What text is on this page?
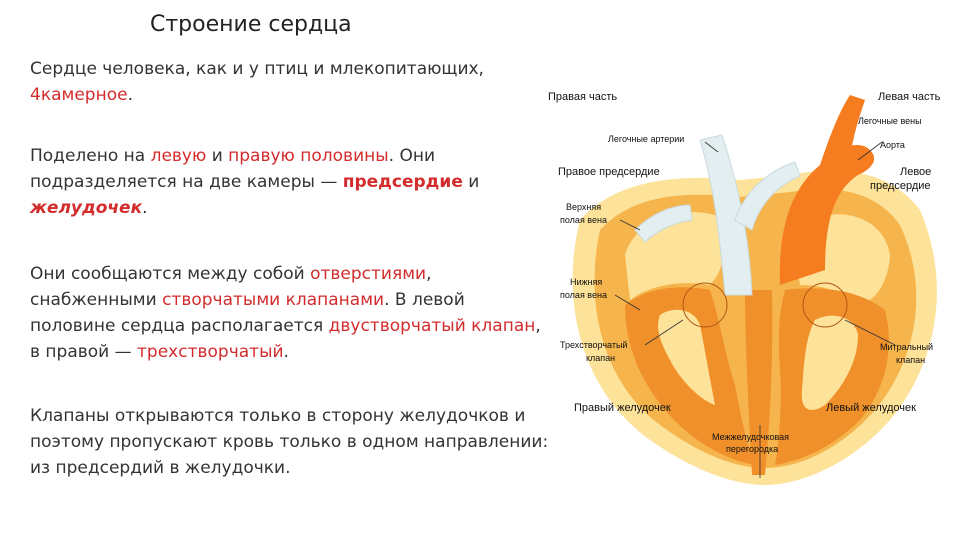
Строение сердца
Сердце человека, как и у птиц и млекопитающих, 4камерное.
Поделено на левую и правую половины. Они подразделяется на две камеры — предсердие и желудочек.
Они сообщаются между собой отверстиями, снабженными створчатыми клапанами. В левой половине сердца располагается двустворчатый клапан, в правой — трехстворчатый.
Клапаны открываются только в сторону желудочков и поэтому пропускают кровь только в одном направлении: из предсердий в желудочки.
Правая часть	Левая часть
Легочные вены
Легочные артерии
Аорта
Правое предсердие	Левое
предсердие
Верхняя
полая вена
Нижняя
полая вена
Трехстворчатый
клапан
Митральный
клапан
Правый желудочек	Левый желудочек
Межжелудочковая
перегородка
